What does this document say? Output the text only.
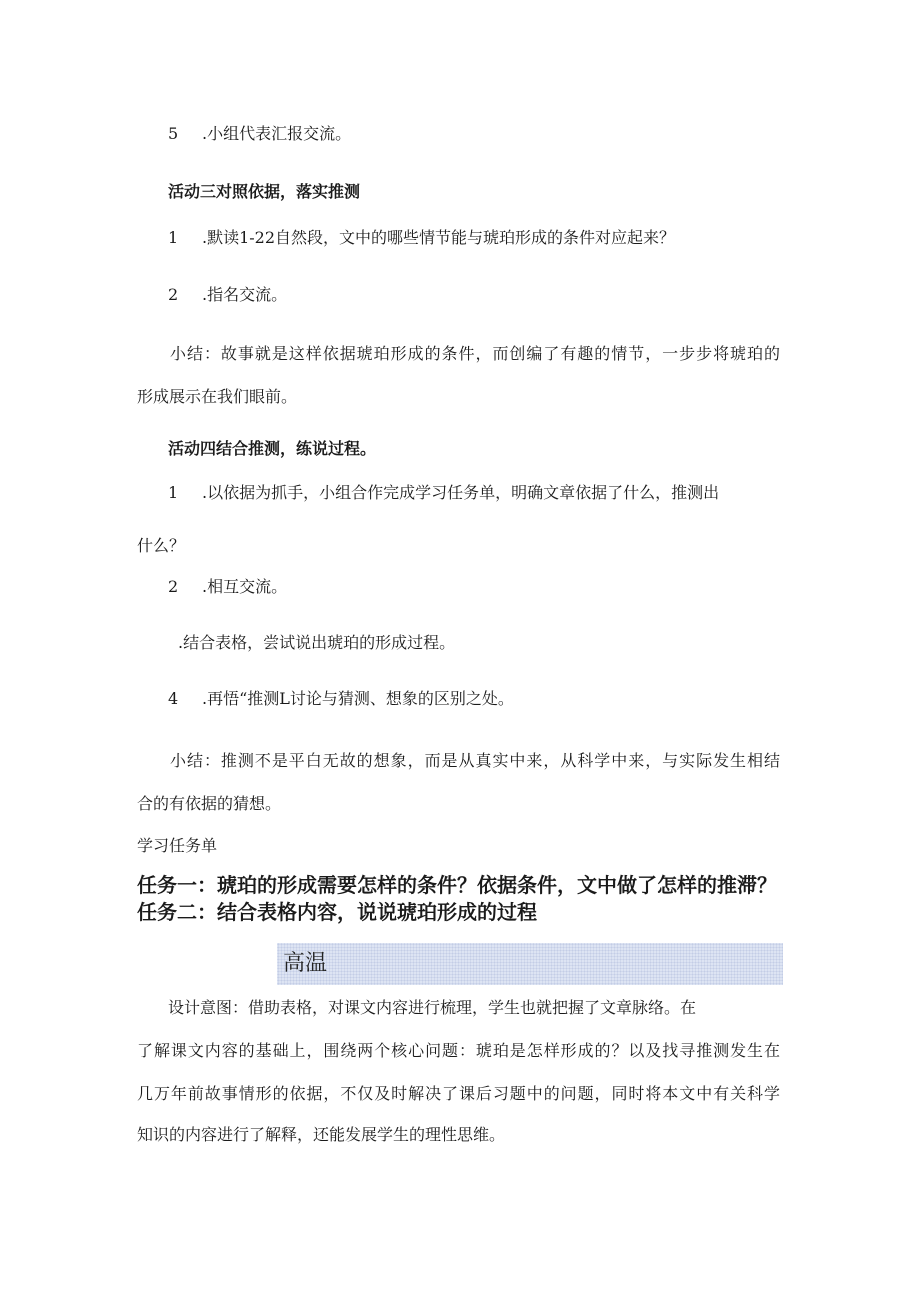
5 .小组代表汇报交流。
活动三对照依据，落实推测
1 .默读1-22自然段，文中的哪些情节能与琥珀形成的条件对应起来？
2 .指名交流。
小结：故事就是这样依据琥珀形成的条件，而创编了有趣的情节，一步步将琥珀的
形成展示在我们眼前。
活动四结合推测，练说过程。
1 .以依据为抓手，小组合作完成学习任务单，明确文章依据了什么，推测出
什么？
2 .相互交流。
.结合表格，尝试说出琥珀的形成过程。
4 .再悟“推测L讨论与猜测、想象的区别之处。
小结：推测不是平白无故的想象，而是从真实中来，从科学中来，与实际发生相结
合的有依据的猜想。
学习任务单
任务一：琥珀的形成需要怎样的条件？依据条件，文中做了怎样的推滞？
任务二：结合表格内容，说说琥珀形成的过程
高温
设计意图：借助表格，对课文内容进行梳理，学生也就把握了文章脉络。在
了解课文内容的基础上，围绕两个核心问题：琥珀是怎样形成的？以及找寻推测发生在
几万年前故事情形的依据，不仅及时解决了课后习题中的问题，同时将本文中有关科学
知识的内容进行了解释，还能发展学生的理性思维。
